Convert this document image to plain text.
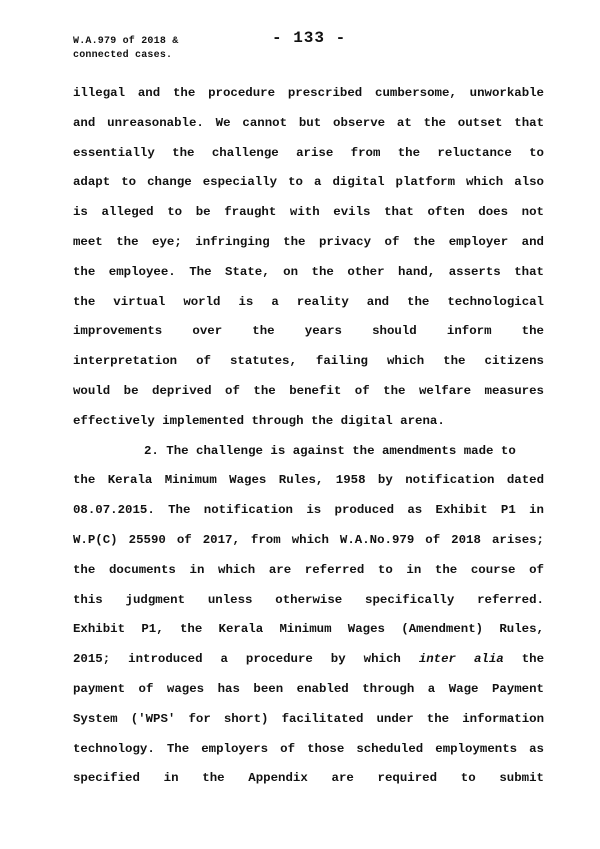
W.A.979 of 2018 &
connected cases.
- 133 -
illegal and the procedure prescribed cumbersome, unworkable
and unreasonable. We cannot but observe at the outset that
essentially the challenge arise from the reluctance to
adapt to change especially to a digital platform which also
is alleged to be fraught with evils that often does not
meet the eye; infringing the privacy of the employer and
the employee. The State, on the other hand, asserts that
the virtual world is a reality and the technological
improvements over the years should inform the
interpretation of statutes, failing which the citizens
would be deprived of the benefit of the welfare measures
effectively implemented through the digital arena.
2. The challenge is against the amendments made to
the Kerala Minimum Wages Rules, 1958 by notification dated
08.07.2015. The notification is produced as Exhibit P1 in
W.P(C) 25590 of 2017, from which W.A.No.979 of 2018 arises;
the documents in which are referred to in the course of
this judgment unless otherwise specifically referred.
Exhibit P1, the Kerala Minimum Wages (Amendment) Rules,
2015; introduced a procedure by which inter alia the
payment of wages has been enabled through a Wage Payment
System ('WPS' for short) facilitated under the information
technology. The employers of those scheduled employments as
specified in the Appendix are required to submit
